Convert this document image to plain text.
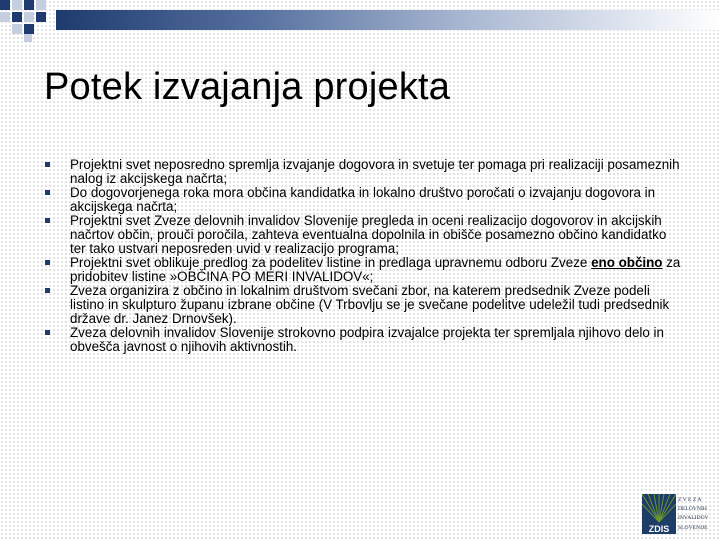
Potek izvajanja projekta
Projektni svet neposredno spremlja izvajanje dogovora in svetuje ter pomaga pri realizaciji posameznih nalog iz akcijskega načrta;
Do dogovorjenega roka mora občina kandidatka in lokalno društvo poročati o izvajanju dogovora in akcijskega načrta;
Projektni svet Zveze delovnih invalidov Slovenije pregleda in oceni realizacijo dogovorov in akcijskih načrtov občin, prouči poročila, zahteva eventualna dopolnila in obišče posamezno občino kandidatko ter tako ustvari neposreden uvid v realizacijo programa;
Projektni svet oblikuje predlog za podelitev listine in predlaga upravnemu odboru Zveze eno občino za pridobitev listine »OBČINA PO MERI INVALIDOV«;
Zveza organizira z občino in lokalnim društvom svečani zbor, na katerem predsednik Zveze podeli listino in skulpturo županu izbrane občine (V Trbovlju se je svečane podelitve udeležil tudi predsednik države dr. Janez Drnovšek).
Zveza delovnih invalidov Slovenije strokovno podpira izvajalce projekta ter spremljala njihovo delo in obvešča javnost o njihovih aktivnostih.
ZDIS
Z V E Z A
DELOVNIH
INVALIDOV
SLOVENIJE
